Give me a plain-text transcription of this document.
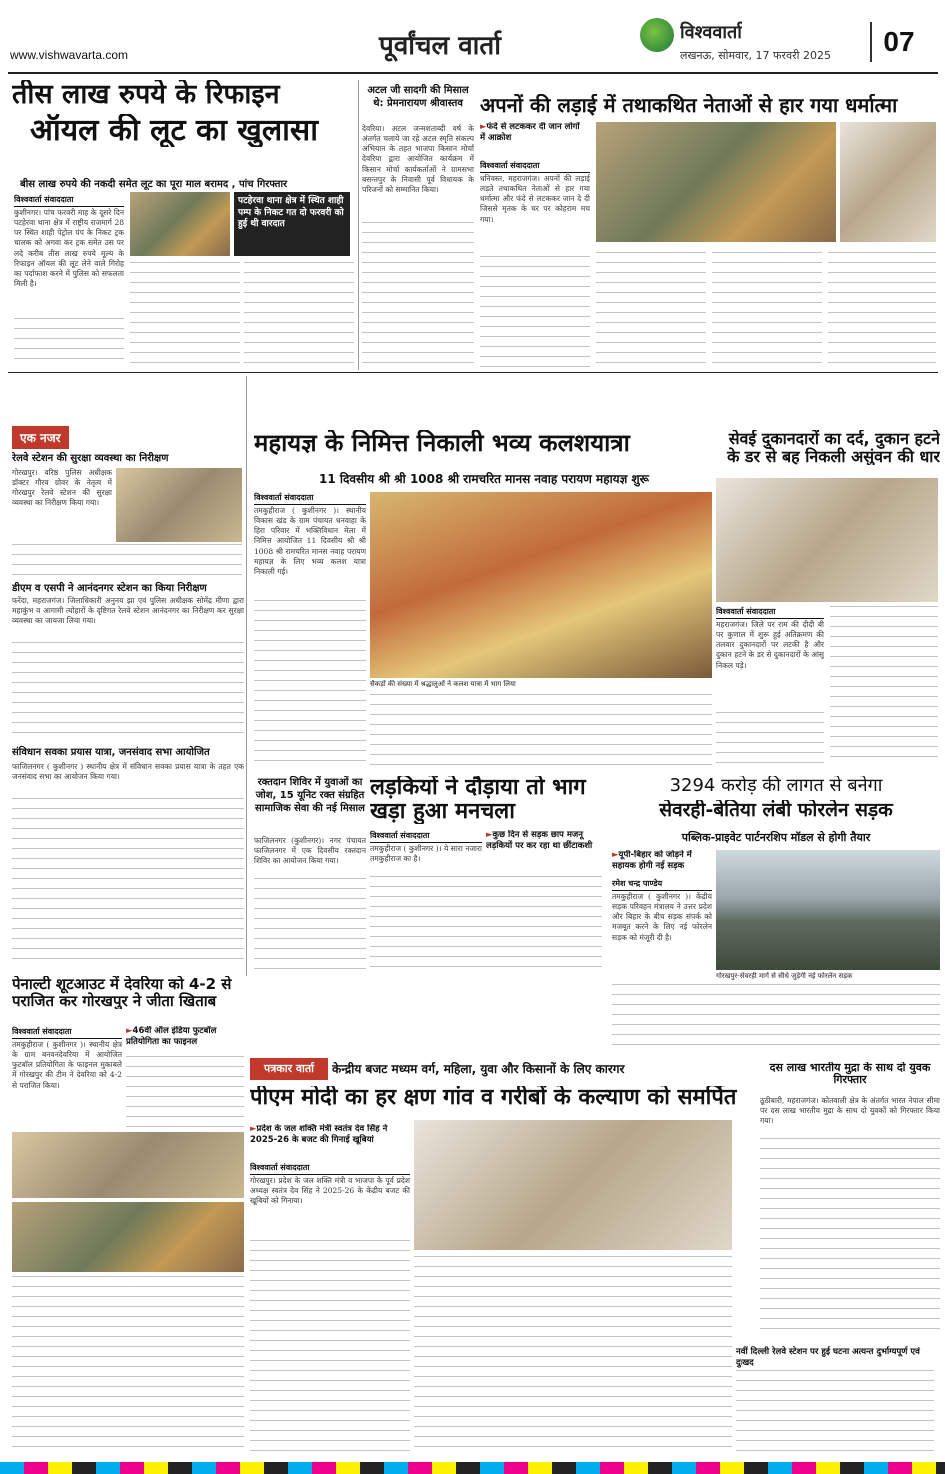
www.vishwavarta.com	पूर्वांचल वार्ता	विश्ववार्ता
लखनऊ, सोमवार, 17 फरवरी 2025	07
तीस लाख रुपये के रिफाइन
ऑयल की लूट का खुलासा
बीस लाख रुपये की नकदी समेत लूट का पूरा माल बरामद , पांच गिरफ्तार
विश्ववार्ता संवाददाता
कुशीनगर। पांच फरवरी माह के दूसरे दिन पटहेरवा थाना क्षेत्र में राष्ट्रीय राजमार्ग 28 पर स्थित शाही पेट्रोल पंप के निकट ट्रक चालक को अगवा कर ट्रक समेत उस पर लदे करीब तीस लाख रुपये मूल्य के रिफाइन ऑयल की लूट लेने वाले गिरोह का पर्दाफाश करने में पुलिस को सफलता मिली है।
पटहेरवा थाना क्षेत्र में स्थित शाही पम्प के निकट गत दो फरवरी को हुई थी वारदात
अटल जी सादगी की मिसाल थे: प्रेमनारायण श्रीवास्तव
देवरिया। अटल जन्मशताब्दी वर्ष के अंतर्गत चलाये जा रहे अटल स्मृति संकल्प अभियान के तहत भाजपा किसान मोर्चा देवरिया द्वारा आयोजित कार्यक्रम में किसान मोर्चा कार्यकर्ताओं ने ग्रामसभा बसन्तपुर के निवासी पूर्व विधायक के परिजनों को सम्मानित किया।
अपनों की लड़ाई में तथाकथित नेताओं से हार गया धर्मात्मा
► फंदे से लटककर दी जान लोगों में आक्रोश
विश्ववार्ता संवाददाता
धनिवस्त, महराजगंज। अपनों की लड़ाई लड़ते तथाकथित नेताओं से हार गया धर्मात्मा और फंदे से लटककर जान दे दी जिससे मृतक के घर पर कोहराम मच गया।
एक नजर
रेलवे स्टेशन की सुरक्षा व्यवस्था का निरीक्षण
गोरखपुर। वरिष्ठ पुलिस अधीक्षक डॉक्टर गौरव ग्रोवर के नेतृत्व में गोरखपुर रेलवे स्टेशन की सुरक्षा व्यवस्था का निरीक्षण किया गया।
डीएम व एसपी ने आनंदनगर स्टेशन का किया निरीक्षण
फरेंदा, महराजगंज। जिलाधिकारी अनुनय झा एवं पुलिस अधीक्षक सोमेंद्र मीणा द्वारा महाकुंभ व आगामी त्योहारों के दृष्टिगत रेलवे स्टेशन आनंदनगर का निरीक्षण कर सुरक्षा व्यवस्था का जायजा लिया गया।
संविधान सवका प्रयास यात्रा, जनसंवाद सभा आयोजित
फाजिलनगर ( कुशीनगर ) स्थानीय क्षेत्र में संविधान सवका प्रयास यात्रा के तहत एक जनसंवाद सभा का आयोजन किया गया।
महायज्ञ के निमित्त निकाली भव्य कलशयात्रा
11 दिवसीय श्री श्री 1008 श्री रामचरित मानस नवाह परायण महायज्ञ शुरू
विश्ववार्ता संवाददाता
तमकुहीराज ( कुशीनगर )। स्थानीय विकास खंड के ग्राम पंचायत धनवाहा के हिरा परिवार में भक्तिविधान मेला में निमित्त आयोजित 11 दिवसीय श्री श्री 1008 श्री रामचरित मानस नवाह परायण महायज्ञ के लिए भव्य कलश यात्रा निकाली गई।
सैकड़ों की संख्या में श्रद्धालुओं ने कलश यात्रा में भाग लिया
सेवई दुकानदारों का दर्द, दुकान हटने के डर से बह निकली असुंवन की धार
विश्ववार्ता संवाददाता
महराजगंज। जिले पर राम की दीदी बी पर कुणाल में शुरू हुई अतिक्रमण की तलवार दुकानदारों पर लटकी है और दुकान हटने के डर से दुकानदारों के आंसू निकल पड़े।
रक्तदान शिविर में युवाओं का जोश, 15 यूनिट रक्त संग्रहित सामाजिक सेवा की नई मिसाल
फाजिलनगर (कुशीनगर)। नगर पंचायत फाजिलनगर में एक दिवसीय रक्तदान शिविर का आयोजन किया गया।
लड़कियों ने दौड़ाया तो भाग खड़ा हुआ मनचला
विश्ववार्ता संवाददाता
तमकुहीराज ( कुशीनगर )। ये सारा नजारा तमकुहीराज का है।
► कुछ दिन से सड़क छाप मजनू लड़कियों पर कर रहा था छींटाकशी
3294 करोड़ की लागत से बनेगा
सेवरही-बेतिया लंबी फोरलेन सड़क
पब्लिक-प्राइवेट पार्टनरशिप मॉडल से होगी तैयार
► यूपी-बिहार को जोड़ने में सहायक होगी नई सड़क
रमेश चन्द्र पाण्डेय
तमकुहीराज ( कुशीनगर )। केंद्रीय सड़क परिवहन मंत्रालय ने उत्तर प्रदेश और बिहार के बीच सड़क संपर्क को मजबूत करने के लिए नई फोरलेन सड़क को मंजूरी दी है।
गोरखपुर-सेवरही मार्ग से सीधे जुड़ेगी नई फोरलेन सड़क
पेनाल्टी शूटआउट में देवरिया को 4-2 से पराजित कर गोरखपुर ने जीता खिताब
विश्ववार्ता संवाददाता
तमकुहीराज ( कुशीनगर )। स्थानीय क्षेत्र के ग्राम बनवनदेवरिया में आयोजित फुटबॉल प्रतियोगिता के फाइनल मुकाबले में गोरखपुर की टीम ने देवरिया को 4-2 से पराजित किया।
► 46वीं ऑल इंडिया फुटबॉल प्रतियोगिता का फाइनल
पत्रकार वार्ता	केन्द्रीय बजट मध्यम वर्ग, महिला, युवा और किसानों के लिए कारगर
पीएम मोदी का हर क्षण गांव व गरीबों के कल्याण को समर्पित
► प्रदेश के जल शक्ति मंत्री स्वतंत्र देव सिंह ने 2025-26 के बजट की गिनाई खूबियां
विश्ववार्ता संवाददाता
गोरखपुर। प्रदेश के जल शक्ति मंत्री व भाजपा के पूर्व प्रदेश अध्यक्ष स्वतंत्र देव सिंह ने 2025-26 के केंद्रीय बजट की खूबियों को गिनाया।
नवीं दिल्ली रेलवे स्टेशन पर हुई घटना अत्यन्त दुर्भाग्यपूर्ण एवं दुःखद
दस लाख भारतीय मुद्रा के साथ दो युवक गिरफ्तार
ठूठीबारी, महराजगंज। कोतवाली क्षेत्र के अंतर्गत भारत नेपाल सीमा पर दस लाख भारतीय मुद्रा के साथ दो युवकों को गिरफ्तार किया गया।
